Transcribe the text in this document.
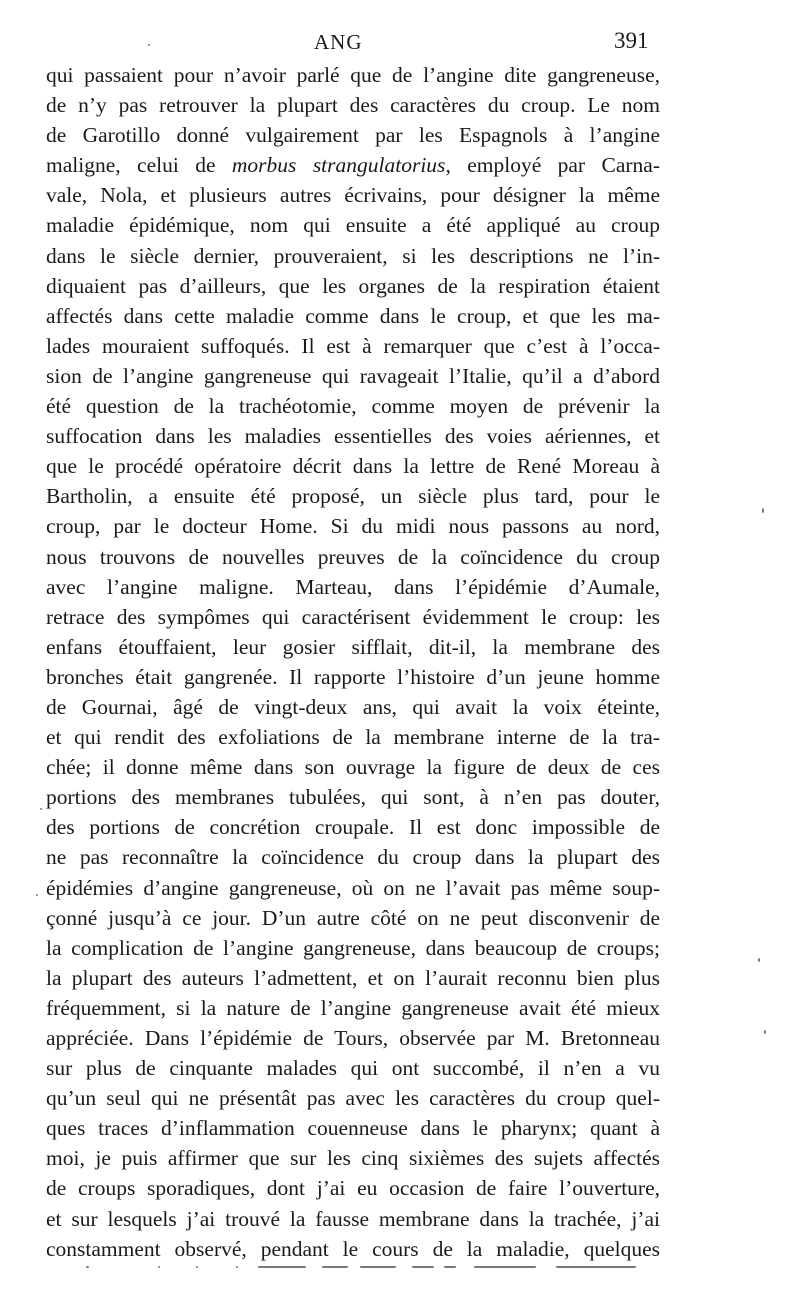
ANG	391
qui passaient pour n’avoir parlé que de l’angine dite gangreneuse,
de n’y pas retrouver la plupart des caractères du croup. Le nom
de Garotillo donné vulgairement par les Espagnols à l’angine
maligne, celui de morbus strangulatorius, employé par Carna-
vale, Nola, et plusieurs autres écrivains, pour désigner la même
maladie épidémique, nom qui ensuite a été appliqué au croup
dans le siècle dernier, prouveraient, si les descriptions ne l’in-
diquaient pas d’ailleurs, que les organes de la respiration étaient
affectés dans cette maladie comme dans le croup, et que les ma-
lades mouraient suffoqués. Il est à remarquer que c’est à l’occa-
sion de l’angine gangreneuse qui ravageait l’Italie, qu’il a d’abord
été question de la trachéotomie, comme moyen de prévenir la
suffocation dans les maladies essentielles des voies aériennes, et
que le procédé opératoire décrit dans la lettre de René Moreau à
Bartholin, a ensuite été proposé, un siècle plus tard, pour le
croup, par le docteur Home. Si du midi nous passons au nord,
nous trouvons de nouvelles preuves de la coïncidence du croup
avec l’angine maligne. Marteau, dans l’épidémie d’Aumale,
retrace des sympômes qui caractérisent évidemment le croup: les
enfans étouffaient, leur gosier sifflait, dit-il, la membrane des
bronches était gangrenée. Il rapporte l’histoire d’un jeune homme
de Gournai, âgé de vingt-deux ans, qui avait la voix éteinte,
et qui rendit des exfoliations de la membrane interne de la tra-
chée; il donne même dans son ouvrage la figure de deux de ces
portions des membranes tubulées, qui sont, à n’en pas douter,
des portions de concrétion croupale. Il est donc impossible de
ne pas reconnaître la coïncidence du croup dans la plupart des
épidémies d’angine gangreneuse, où on ne l’avait pas même soup-
çonné jusqu’à ce jour. D’un autre côté on ne peut disconvenir de
la complication de l’angine gangreneuse, dans beaucoup de croups;
la plupart des auteurs l’admettent, et on l’aurait reconnu bien plus
fréquemment, si la nature de l’angine gangreneuse avait été mieux
appréciée. Dans l’épidémie de Tours, observée par M. Bretonneau
sur plus de cinquante malades qui ont succombé, il n’en a vu
qu’un seul qui ne présentât pas avec les caractères du croup quel-
ques traces d’inflammation couenneuse dans le pharynx; quant à
moi, je puis affirmer que sur les cinq sixièmes des sujets affectés
de croups sporadiques, dont j’ai eu occasion de faire l’ouverture,
et sur lesquels j’ai trouvé la fausse membrane dans la trachée, j’ai
constamment observé, pendant le cours de la maladie, quelques
